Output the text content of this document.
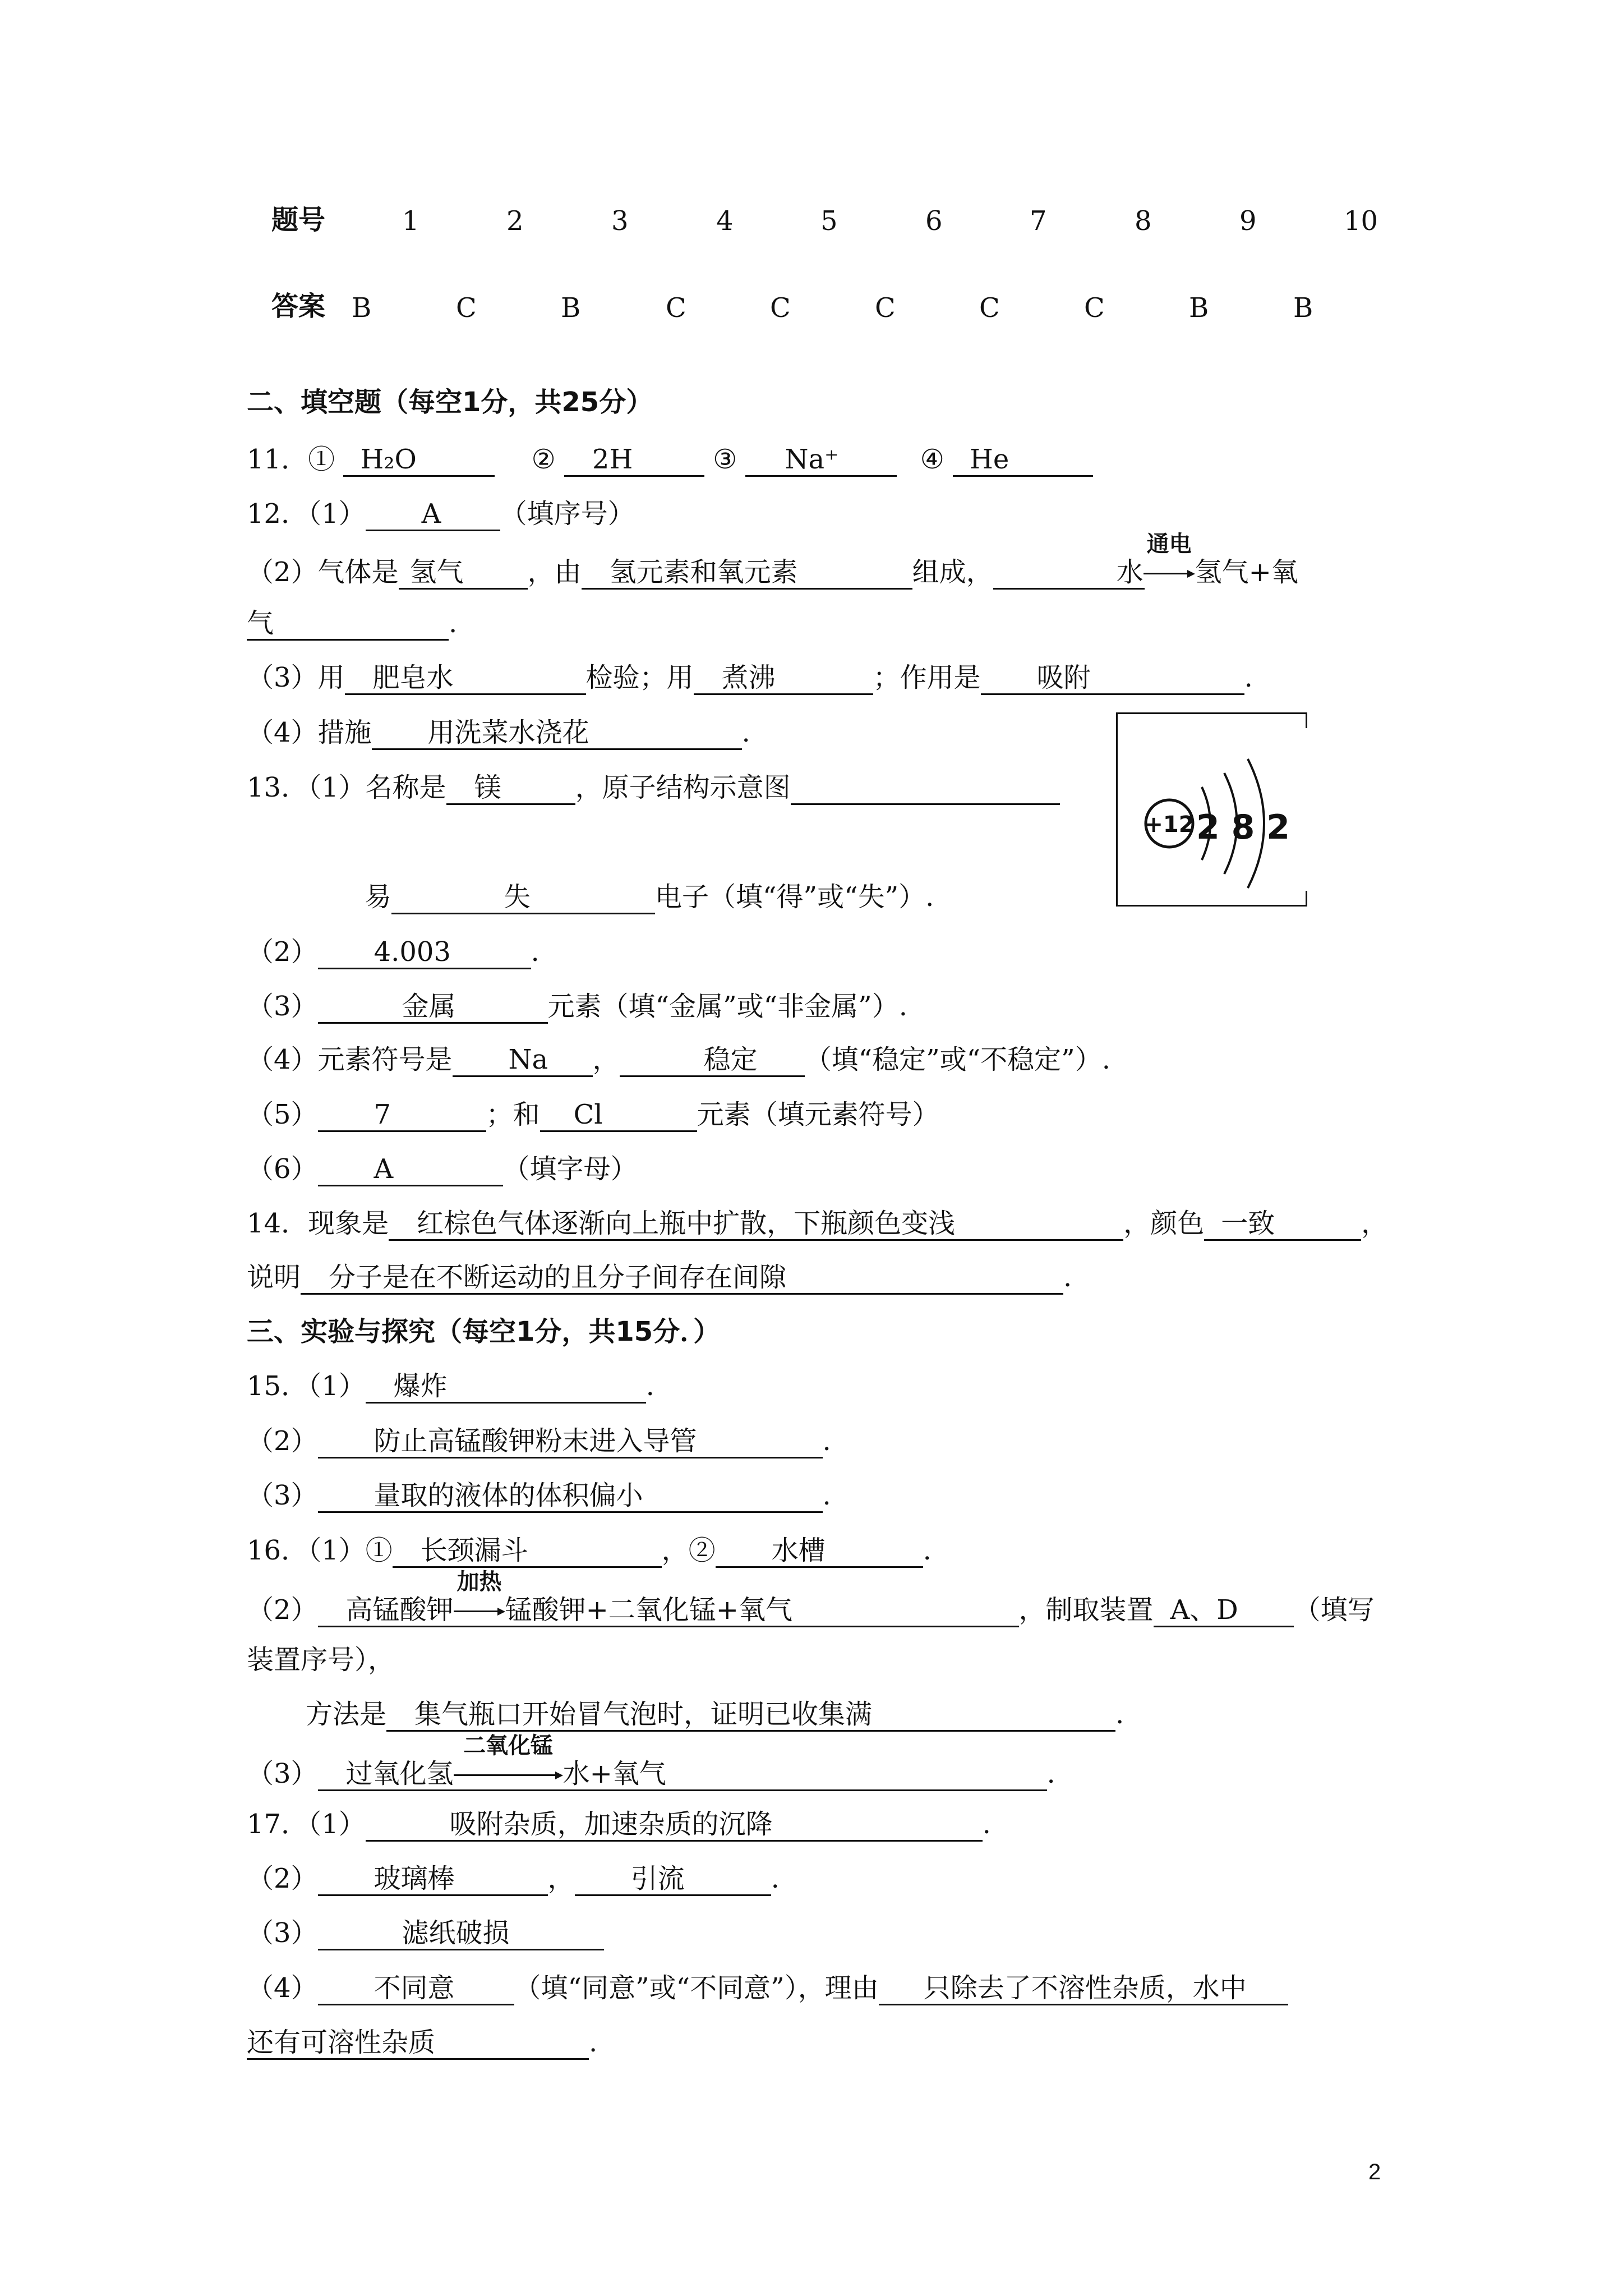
题号	1	2	3	4	5	6	7	8	9	10
答案 B	C	B	C	C	C	C	C	B	B
二、填空题（每空1分，共25分）
11．① H₂O	② 2H	③ Na⁺	④ He
12．（1） A （填序号）
（2）气体是 氢气 ，由 氢元素和氧元素	组成，	水
通电
氢气+氧
气	.
（3）用 肥皂水	检验；用 煮沸	；作用是 吸附	.
（4）措施 用洗菜水浇花	.
13．（1）名称是 镁	，原子结构示意图
+12 2 8 2
易	失	电子（填“得”或“失”）.
（2） 4.003	.
（3）	金属	元素（填“金属”或“非金属”）.
（4）元素符号是 Na ，	稳定 （填“稳定”或“不稳定”）.
（5） 7	；和 Cl	元素（填元素符号）
（6） A	（填字母）
14．现象是 红棕色气体逐渐向上瓶中扩散，下瓶颜色变浅	，颜色 一致	，
说明 分子是在不断运动的且分子间存在间隙	.
三、实验与探究（每空1分，共15分．）
15．（1） 爆炸	.
（2） 防止高锰酸钾粉末进入导管	.
（3） 量取的液体的体积偏小	.
16．（1）① 长颈漏斗	，② 水槽	.
（2） 高锰酸钾
加热
锰酸钾+二氧化锰+氧气	，制取装置 A、D （填写
装置序号），
方法是 集气瓶口开始冒气泡时，证明已收集满	.
（3） 过氧化氢
二氧化锰
水+氧气	.
17．（1）	吸附杂质，加速杂质的沉降	.
（2） 玻璃棒	， 引流	.
（3）	滤纸破损
（4） 不同意 （填“同意”或“不同意”），理由 只除去了不溶性杂质，水中
还有可溶性杂质	.
2
